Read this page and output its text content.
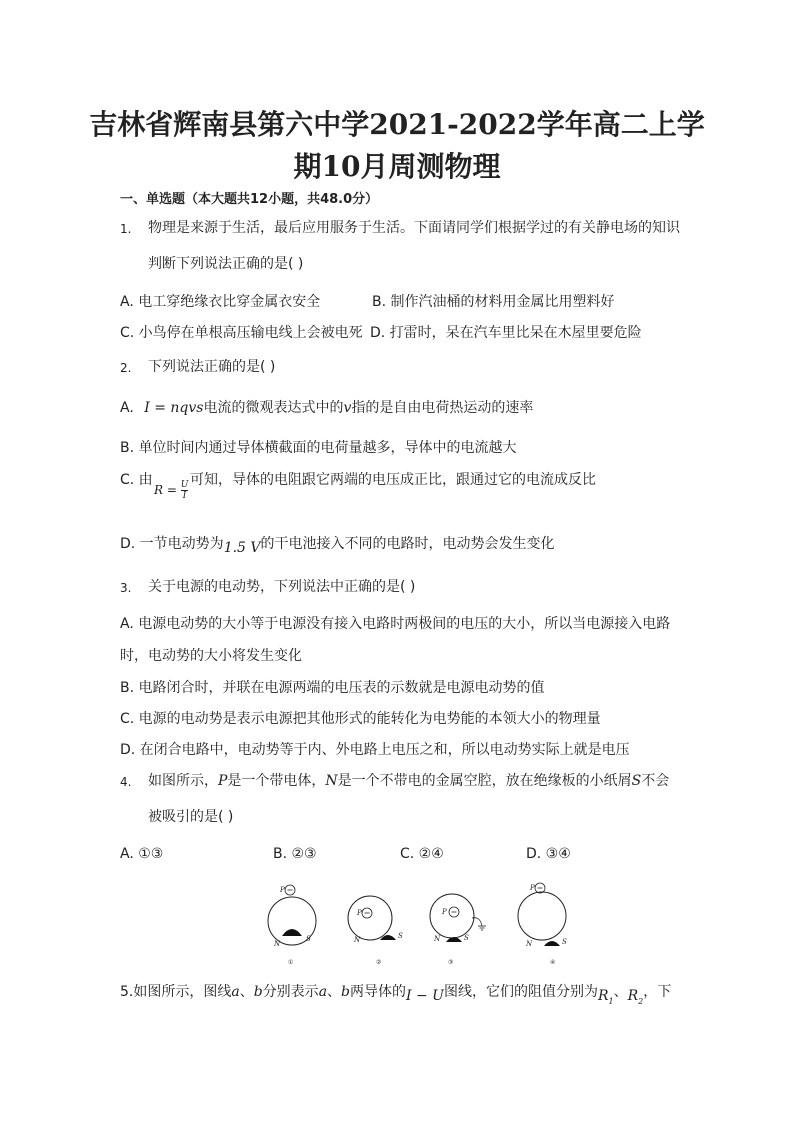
吉林省辉南县第六中学2021-2022学年高二上学
期10月周测物理
一、单选题（本大题共12小题，共48.0分）
1. 物理是来源于生活，最后应用服务于生活。下面请同学们根据学过的有关静电场的知识
判断下列说法正确的是( )
A. 电工穿绝缘衣比穿金属衣安全	B. 制作汽油桶的材料用金属比用塑料好
C. 小鸟停在单根高压输电线上会被电死 D. 打雷时，呆在汽车里比呆在木屋里要危险
2. 下列说法正确的是( )
A. I = nqvs电流的微观表达式中的v指的是自由电荷热运动的速率
B. 单位时间内通过导体横截面的电荷量越多，导体中的电流越大
C. 由
$R = \frac{U}{I}$ 可知，导体的电阻跟它两端的电压成正比，跟通过它的电流成反比
D. 一节电动势为1.5 V的干电池接入不同的电路时，电动势会发生变化
3. 关于电源的电动势，下列说法中正确的是( )
A. 电源电动势的大小等于电源没有接入电路时两极间的电压的大小，所以当电源接入电路
时，电动势的大小将发生变化
B. 电路闭合时，并联在电源两端的电压表的示数就是电源电动势的值
C. 电源的电动势是表示电源把其他形式的能转化为电势能的本领大小的物理量
D. 在闭合电路中，电动势等于内、外电路上电压之和，所以电动势实际上就是电压
4. 如图所示，P是一个带电体，N是一个不带电的金属空腔，放在绝缘板的小纸屑S不会
被吸引的是( )
A. ①③	B. ②③	C. ②④	D. ③④
P
N
S
①
P
N	S
②
P
N	S
③
P
N	S
④
5.如图所示，图线a、b分别表示a、b两导体的I − U图线，它们的阻值分别为$R_1$、$R_2$，下
